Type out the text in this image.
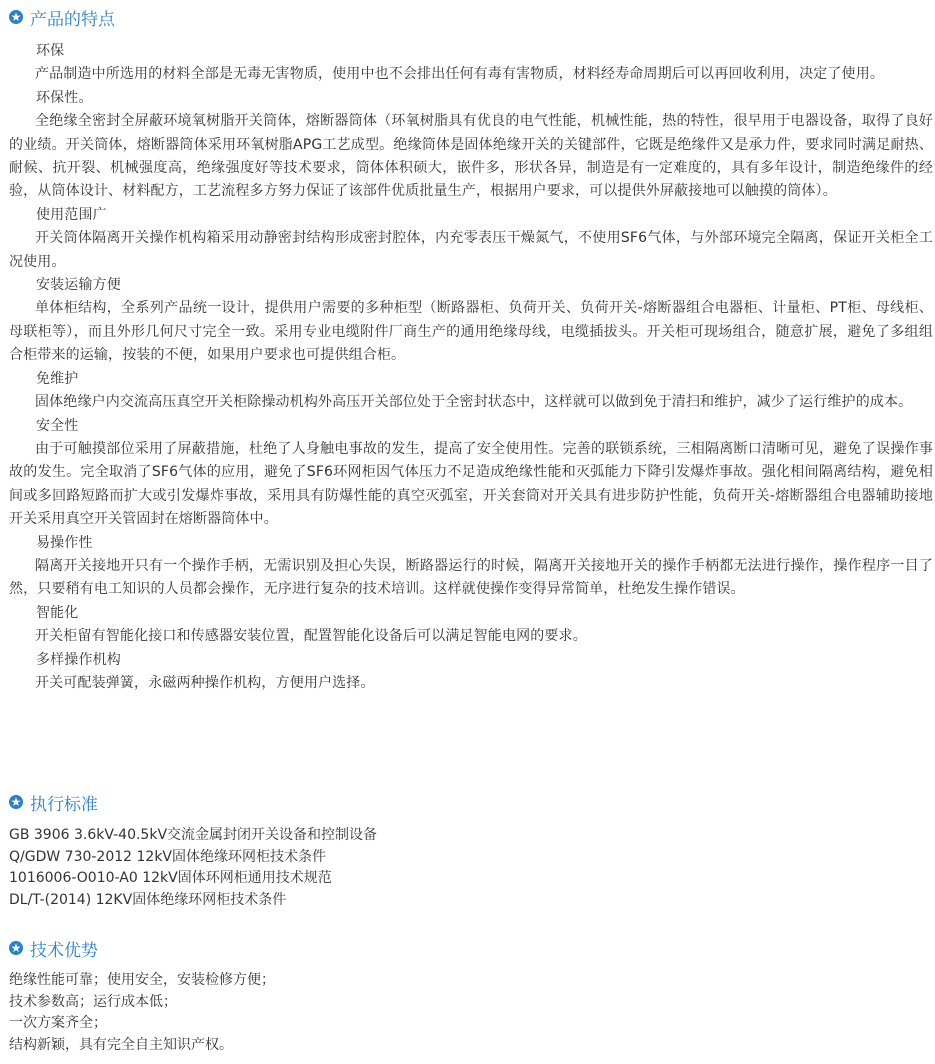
产品的特点
环保
产品制造中所选用的材料全部是无毒无害物质，使用中也不会排出任何有毒有害物质，材料经寿命周期后可以再回收利用，决定了使用。
环保性。
全绝缘全密封全屏蔽环境氧树脂开关筒体，熔断器筒体（环氧树脂具有优良的电气性能，机械性能，热的特性，很早用于电器设备，取得了良好的业绩。开关筒体，熔断器筒体采用环氧树脂APG工艺成型。绝缘筒体是固体绝缘开关的关键部件，它既是绝缘件又是承力件，要求同时满足耐热、耐候、抗开裂、机械强度高，绝缘强度好等技术要求，筒体体积硕大，嵌件多，形状各异，制造是有一定难度的，具有多年设计，制造绝缘件的经验，从筒体设计、材料配方，工艺流程多方努力保证了该部件优质批量生产，根据用户要求，可以提供外屏蔽接地可以触摸的筒体）。
使用范围广
开关筒体隔离开关操作机构箱采用动静密封结构形成密封腔体，内充零表压干燥氮气，不使用SF6气体，与外部环境完全隔离，保证开关柜全工况使用。
安装运输方便
单体柜结构，全系列产品统一设计，提供用户需要的多种柜型（断路器柜、负荷开关、负荷开关-熔断器组合电器柜、计量柜、PT柜、母线柜、母联柜等），而且外形几何尺寸完全一致。采用专业电缆附件厂商生产的通用绝缘母线，电缆插拔头。开关柜可现场组合，随意扩展，避免了多组组合柜带来的运输，按装的不便，如果用户要求也可提供组合柜。
免维护
固体绝缘户内交流高压真空开关柜除操动机构外高压开关部位处于全密封状态中，这样就可以做到免于清扫和维护，减少了运行维护的成本。
安全性
由于可触摸部位采用了屏蔽措施，杜绝了人身触电事故的发生，提高了安全使用性。完善的联锁系统，三相隔离断口清晰可见，避免了误操作事故的发生。完全取消了SF6气体的应用，避免了SF6环网柜因气体压力不足造成绝缘性能和灭弧能力下降引发爆炸事故。强化相间隔离结构，避免相间或多回路短路而扩大或引发爆炸事故，采用具有防爆性能的真空灭弧室，开关套筒对开关具有进步防护性能，负荷开关-熔断器组合电器辅助接地开关采用真空开关管固封在熔断器筒体中。
易操作性
隔离开关接地开只有一个操作手柄，无需识别及担心失误，断路器运行的时候，隔离开关接地开关的操作手柄都无法进行操作，操作程序一目了然，只要稍有电工知识的人员都会操作，无序进行复杂的技术培训。这样就使操作变得异常简单，杜绝发生操作错误。
智能化
开关柜留有智能化接口和传感器安装位置，配置智能化设备后可以满足智能电网的要求。
多样操作机构
开关可配装弹簧，永磁两种操作机构，方便用户选择。
执行标准
GB 3906 3.6kV-40.5kV交流金属封闭开关设备和控制设备
Q/GDW 730-2012 12kV固体绝缘环网柜技术条件
1016006-O010-A0 12kV固体环网柜通用技术规范
DL/T-(2014) 12KV固体绝缘环网柜技术条件
技术优势
绝缘性能可靠；使用安全，安装检修方便；
技术参数高；运行成本低；
一次方案齐全；
结构新颖，具有完全自主知识产权。
